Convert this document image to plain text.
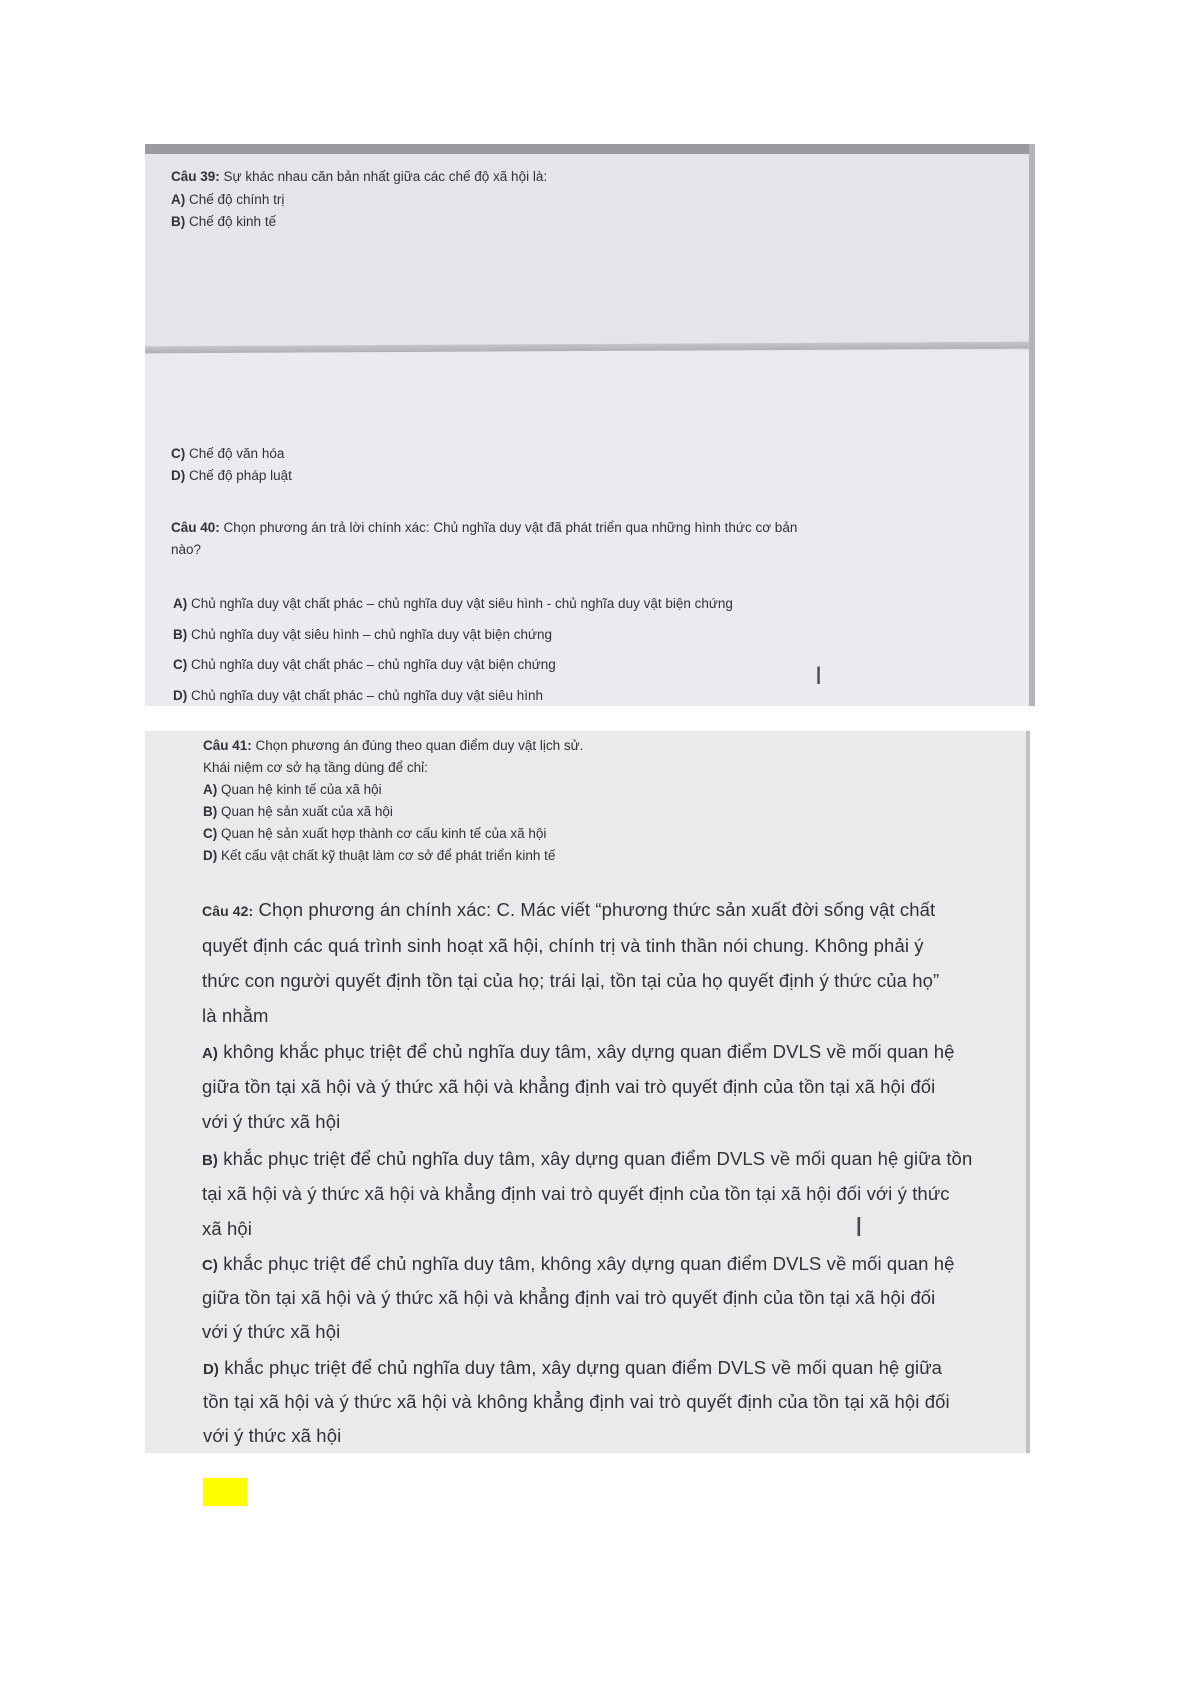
Câu 39: Sự khác nhau căn bản nhất giữa các chế độ xã hội là:
A) Chế độ chính trị
B) Chế độ kinh tế
C) Chế độ văn hóa
D) Chế độ pháp luật
Câu 40: Chọn phương án trả lời chính xác: Chủ nghĩa duy vật đã phát triển qua những hình thức cơ bản
nào?
A) Chủ nghĩa duy vật chất phác – chủ nghĩa duy vật siêu hình - chủ nghĩa duy vật biện chứng
B) Chủ nghĩa duy vật siêu hình – chủ nghĩa duy vật biện chứng
C) Chủ nghĩa duy vật chất phác – chủ nghĩa duy vật biện chứng
D) Chủ nghĩa duy vật chất phác – chủ nghĩa duy vật siêu hình
I
Câu 41: Chọn phương án đúng theo quan điểm duy vật lịch sử.
Khái niệm cơ sở hạ tầng dùng để chỉ:
A) Quan hệ kinh tế của xã hội
B) Quan hệ sản xuất của xã hội
C) Quan hệ sản xuất hợp thành cơ cấu kinh tế của xã hội
D) Kết cấu vật chất kỹ thuật làm cơ sở để phát triển kinh tế
Câu 42: Chọn phương án chính xác: C. Mác viết “phương thức sản xuất đời sống vật chất
quyết định các quá trình sinh hoạt xã hội, chính trị và tinh thần nói chung. Không phải ý
thức con người quyết định tồn tại của họ; trái lại, tồn tại của họ quyết định ý thức của họ”
là nhằm
A) không khắc phục triệt để chủ nghĩa duy tâm, xây dựng quan điểm DVLS về mối quan hệ
giữa tồn tại xã hội và ý thức xã hội và khẳng định vai trò quyết định của tồn tại xã hội đối
với ý thức xã hội
B) khắc phục triệt để chủ nghĩa duy tâm, xây dựng quan điểm DVLS về mối quan hệ giữa tồn
tại xã hội và ý thức xã hội và khẳng định vai trò quyết định của tồn tại xã hội đối với ý thức
xã hội
C) khắc phục triệt để chủ nghĩa duy tâm, không xây dựng quan điểm DVLS về mối quan hệ
giữa tồn tại xã hội và ý thức xã hội và khẳng định vai trò quyết định của tồn tại xã hội đối
với ý thức xã hội
D) khắc phục triệt để chủ nghĩa duy tâm, xây dựng quan điểm DVLS về mối quan hệ giữa
tồn tại xã hội và ý thức xã hội và không khẳng định vai trò quyết định của tồn tại xã hội đối
với ý thức xã hội
I
